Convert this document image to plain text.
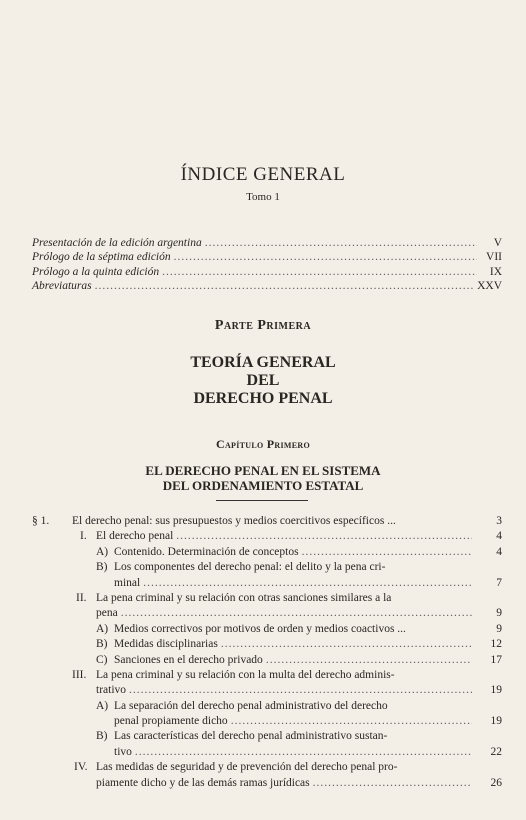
ÍNDICE GENERAL
Tomo 1
Presentación de la edición argentina .....	V
Prólogo de la séptima edición .....	VII
Prólogo a la quinta edición .....	IX
Abreviaturas .....	XXV
Parte Primera
TEORÍA GENERAL
DEL
DERECHO PENAL
Capítulo Primero
EL DERECHO PENAL EN EL SISTEMA
DEL ORDENAMIENTO ESTATAL
§ 1. El derecho penal: sus presupuestos y medios coercitivos específicos ...	3
I. El derecho penal .....	4
A) Contenido. Determinación de conceptos .....	4
B) Los componentes del derecho penal: el delito y la pena cri-
minal .....	7
II. La pena criminal y su relación con otras sanciones similares a la
pena .....	9
A) Medios correctivos por motivos de orden y medios coactivos ...	9
B) Medidas disciplinarias .....	12
C) Sanciones en el derecho privado .....	17
III. La pena criminal y su relación con la multa del derecho adminis-
trativo .....	19
A) La separación del derecho penal administrativo del derecho
penal propiamente dicho .....	19
B) Las características del derecho penal administrativo sustan-
tivo .....	22
IV. Las medidas de seguridad y de prevención del derecho penal pro-
piamente dicho y de las demás ramas jurídicas .....	26
